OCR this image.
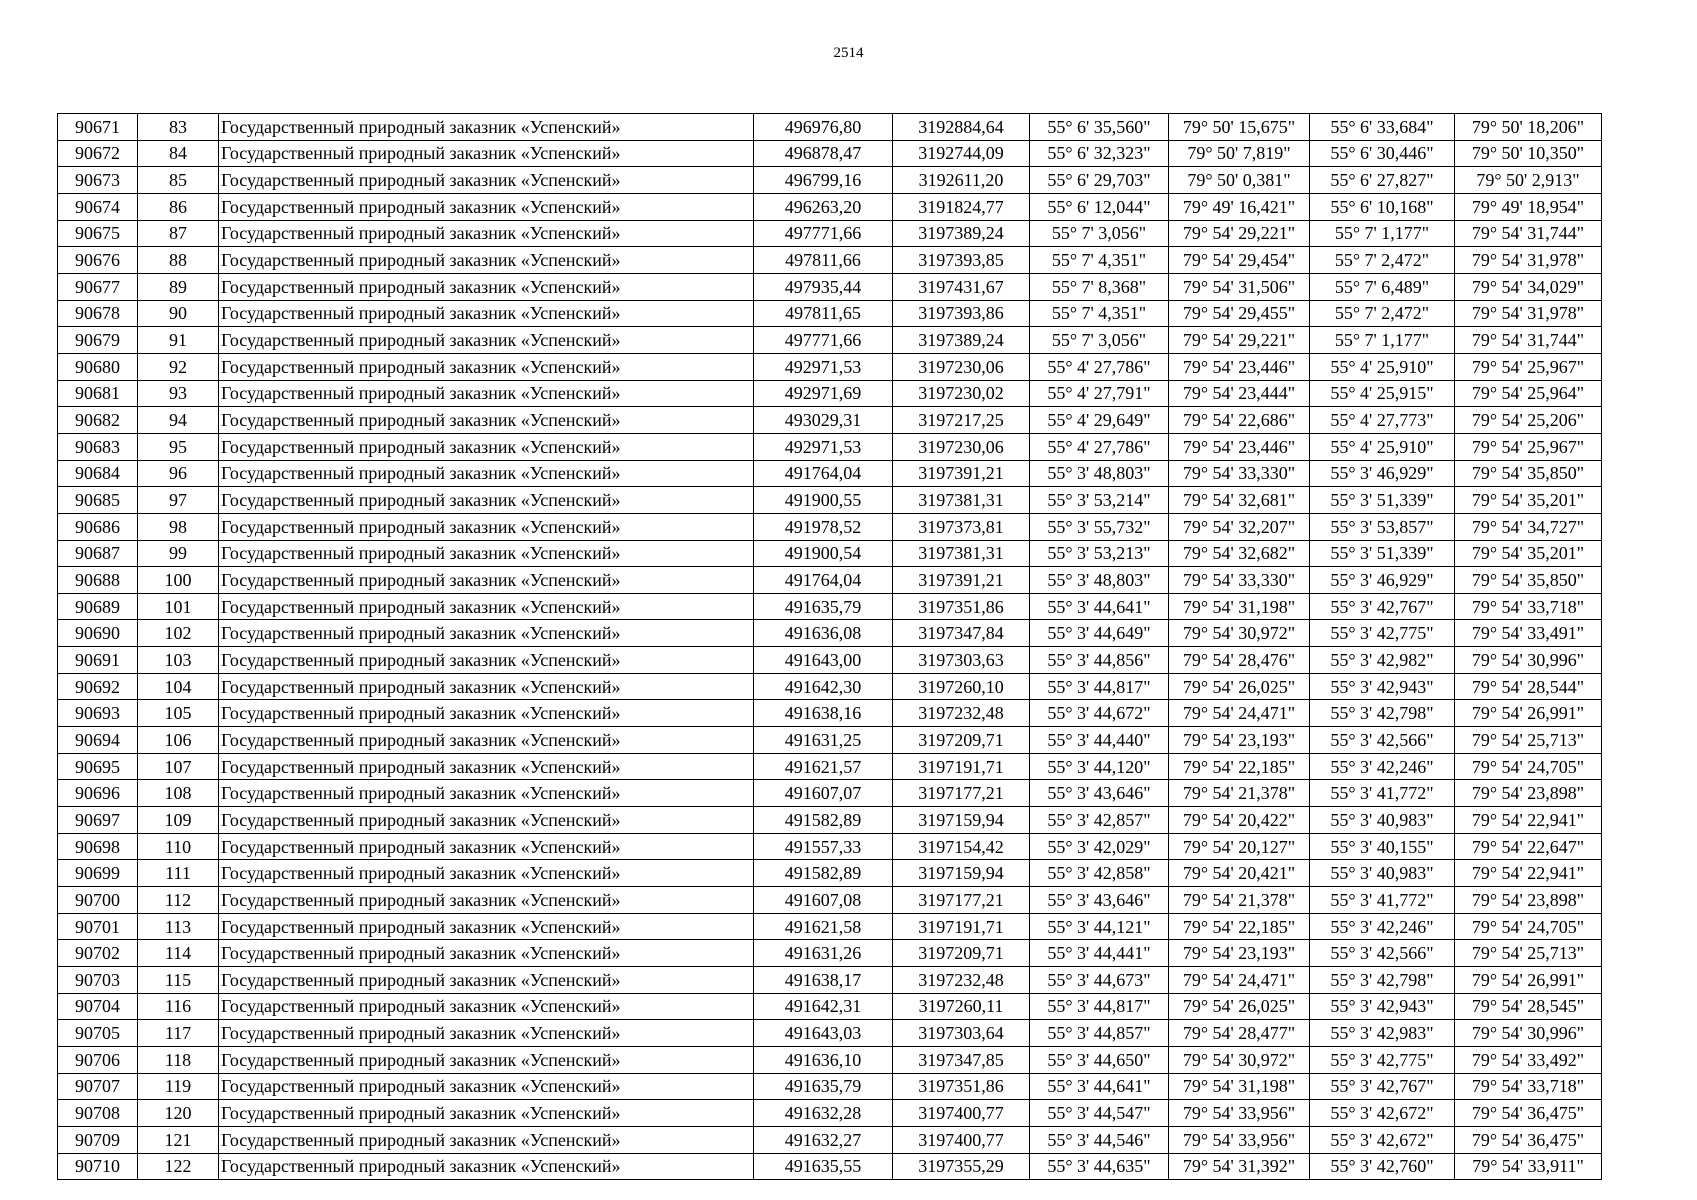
2514
90671	83	Государственный природный заказник «Успенский»	496976,80	3192884,64	55° 6' 35,560"	79° 50' 15,675"	55° 6' 33,684"	79° 50' 18,206"
90672	84	Государственный природный заказник «Успенский»	496878,47	3192744,09	55° 6' 32,323"	79° 50' 7,819"	55° 6' 30,446"	79° 50' 10,350"
90673	85	Государственный природный заказник «Успенский»	496799,16	3192611,20	55° 6' 29,703"	79° 50' 0,381"	55° 6' 27,827"	79° 50' 2,913"
90674	86	Государственный природный заказник «Успенский»	496263,20	3191824,77	55° 6' 12,044"	79° 49' 16,421"	55° 6' 10,168"	79° 49' 18,954"
90675	87	Государственный природный заказник «Успенский»	497771,66	3197389,24	55° 7' 3,056"	79° 54' 29,221"	55° 7' 1,177"	79° 54' 31,744"
90676	88	Государственный природный заказник «Успенский»	497811,66	3197393,85	55° 7' 4,351"	79° 54' 29,454"	55° 7' 2,472"	79° 54' 31,978"
90677	89	Государственный природный заказник «Успенский»	497935,44	3197431,67	55° 7' 8,368"	79° 54' 31,506"	55° 7' 6,489"	79° 54' 34,029"
90678	90	Государственный природный заказник «Успенский»	497811,65	3197393,86	55° 7' 4,351"	79° 54' 29,455"	55° 7' 2,472"	79° 54' 31,978"
90679	91	Государственный природный заказник «Успенский»	497771,66	3197389,24	55° 7' 3,056"	79° 54' 29,221"	55° 7' 1,177"	79° 54' 31,744"
90680	92	Государственный природный заказник «Успенский»	492971,53	3197230,06	55° 4' 27,786"	79° 54' 23,446"	55° 4' 25,910"	79° 54' 25,967"
90681	93	Государственный природный заказник «Успенский»	492971,69	3197230,02	55° 4' 27,791"	79° 54' 23,444"	55° 4' 25,915"	79° 54' 25,964"
90682	94	Государственный природный заказник «Успенский»	493029,31	3197217,25	55° 4' 29,649"	79° 54' 22,686"	55° 4' 27,773"	79° 54' 25,206"
90683	95	Государственный природный заказник «Успенский»	492971,53	3197230,06	55° 4' 27,786"	79° 54' 23,446"	55° 4' 25,910"	79° 54' 25,967"
90684	96	Государственный природный заказник «Успенский»	491764,04	3197391,21	55° 3' 48,803"	79° 54' 33,330"	55° 3' 46,929"	79° 54' 35,850"
90685	97	Государственный природный заказник «Успенский»	491900,55	3197381,31	55° 3' 53,214"	79° 54' 32,681"	55° 3' 51,339"	79° 54' 35,201"
90686	98	Государственный природный заказник «Успенский»	491978,52	3197373,81	55° 3' 55,732"	79° 54' 32,207"	55° 3' 53,857"	79° 54' 34,727"
90687	99	Государственный природный заказник «Успенский»	491900,54	3197381,31	55° 3' 53,213"	79° 54' 32,682"	55° 3' 51,339"	79° 54' 35,201"
90688	100	Государственный природный заказник «Успенский»	491764,04	3197391,21	55° 3' 48,803"	79° 54' 33,330"	55° 3' 46,929"	79° 54' 35,850"
90689	101	Государственный природный заказник «Успенский»	491635,79	3197351,86	55° 3' 44,641"	79° 54' 31,198"	55° 3' 42,767"	79° 54' 33,718"
90690	102	Государственный природный заказник «Успенский»	491636,08	3197347,84	55° 3' 44,649"	79° 54' 30,972"	55° 3' 42,775"	79° 54' 33,491"
90691	103	Государственный природный заказник «Успенский»	491643,00	3197303,63	55° 3' 44,856"	79° 54' 28,476"	55° 3' 42,982"	79° 54' 30,996"
90692	104	Государственный природный заказник «Успенский»	491642,30	3197260,10	55° 3' 44,817"	79° 54' 26,025"	55° 3' 42,943"	79° 54' 28,544"
90693	105	Государственный природный заказник «Успенский»	491638,16	3197232,48	55° 3' 44,672"	79° 54' 24,471"	55° 3' 42,798"	79° 54' 26,991"
90694	106	Государственный природный заказник «Успенский»	491631,25	3197209,71	55° 3' 44,440"	79° 54' 23,193"	55° 3' 42,566"	79° 54' 25,713"
90695	107	Государственный природный заказник «Успенский»	491621,57	3197191,71	55° 3' 44,120"	79° 54' 22,185"	55° 3' 42,246"	79° 54' 24,705"
90696	108	Государственный природный заказник «Успенский»	491607,07	3197177,21	55° 3' 43,646"	79° 54' 21,378"	55° 3' 41,772"	79° 54' 23,898"
90697	109	Государственный природный заказник «Успенский»	491582,89	3197159,94	55° 3' 42,857"	79° 54' 20,422"	55° 3' 40,983"	79° 54' 22,941"
90698	110	Государственный природный заказник «Успенский»	491557,33	3197154,42	55° 3' 42,029"	79° 54' 20,127"	55° 3' 40,155"	79° 54' 22,647"
90699	111	Государственный природный заказник «Успенский»	491582,89	3197159,94	55° 3' 42,858"	79° 54' 20,421"	55° 3' 40,983"	79° 54' 22,941"
90700	112	Государственный природный заказник «Успенский»	491607,08	3197177,21	55° 3' 43,646"	79° 54' 21,378"	55° 3' 41,772"	79° 54' 23,898"
90701	113	Государственный природный заказник «Успенский»	491621,58	3197191,71	55° 3' 44,121"	79° 54' 22,185"	55° 3' 42,246"	79° 54' 24,705"
90702	114	Государственный природный заказник «Успенский»	491631,26	3197209,71	55° 3' 44,441"	79° 54' 23,193"	55° 3' 42,566"	79° 54' 25,713"
90703	115	Государственный природный заказник «Успенский»	491638,17	3197232,48	55° 3' 44,673"	79° 54' 24,471"	55° 3' 42,798"	79° 54' 26,991"
90704	116	Государственный природный заказник «Успенский»	491642,31	3197260,11	55° 3' 44,817"	79° 54' 26,025"	55° 3' 42,943"	79° 54' 28,545"
90705	117	Государственный природный заказник «Успенский»	491643,03	3197303,64	55° 3' 44,857"	79° 54' 28,477"	55° 3' 42,983"	79° 54' 30,996"
90706	118	Государственный природный заказник «Успенский»	491636,10	3197347,85	55° 3' 44,650"	79° 54' 30,972"	55° 3' 42,775"	79° 54' 33,492"
90707	119	Государственный природный заказник «Успенский»	491635,79	3197351,86	55° 3' 44,641"	79° 54' 31,198"	55° 3' 42,767"	79° 54' 33,718"
90708	120	Государственный природный заказник «Успенский»	491632,28	3197400,77	55° 3' 44,547"	79° 54' 33,956"	55° 3' 42,672"	79° 54' 36,475"
90709	121	Государственный природный заказник «Успенский»	491632,27	3197400,77	55° 3' 44,546"	79° 54' 33,956"	55° 3' 42,672"	79° 54' 36,475"
90710	122	Государственный природный заказник «Успенский»	491635,55	3197355,29	55° 3' 44,635"	79° 54' 31,392"	55° 3' 42,760"	79° 54' 33,911"
